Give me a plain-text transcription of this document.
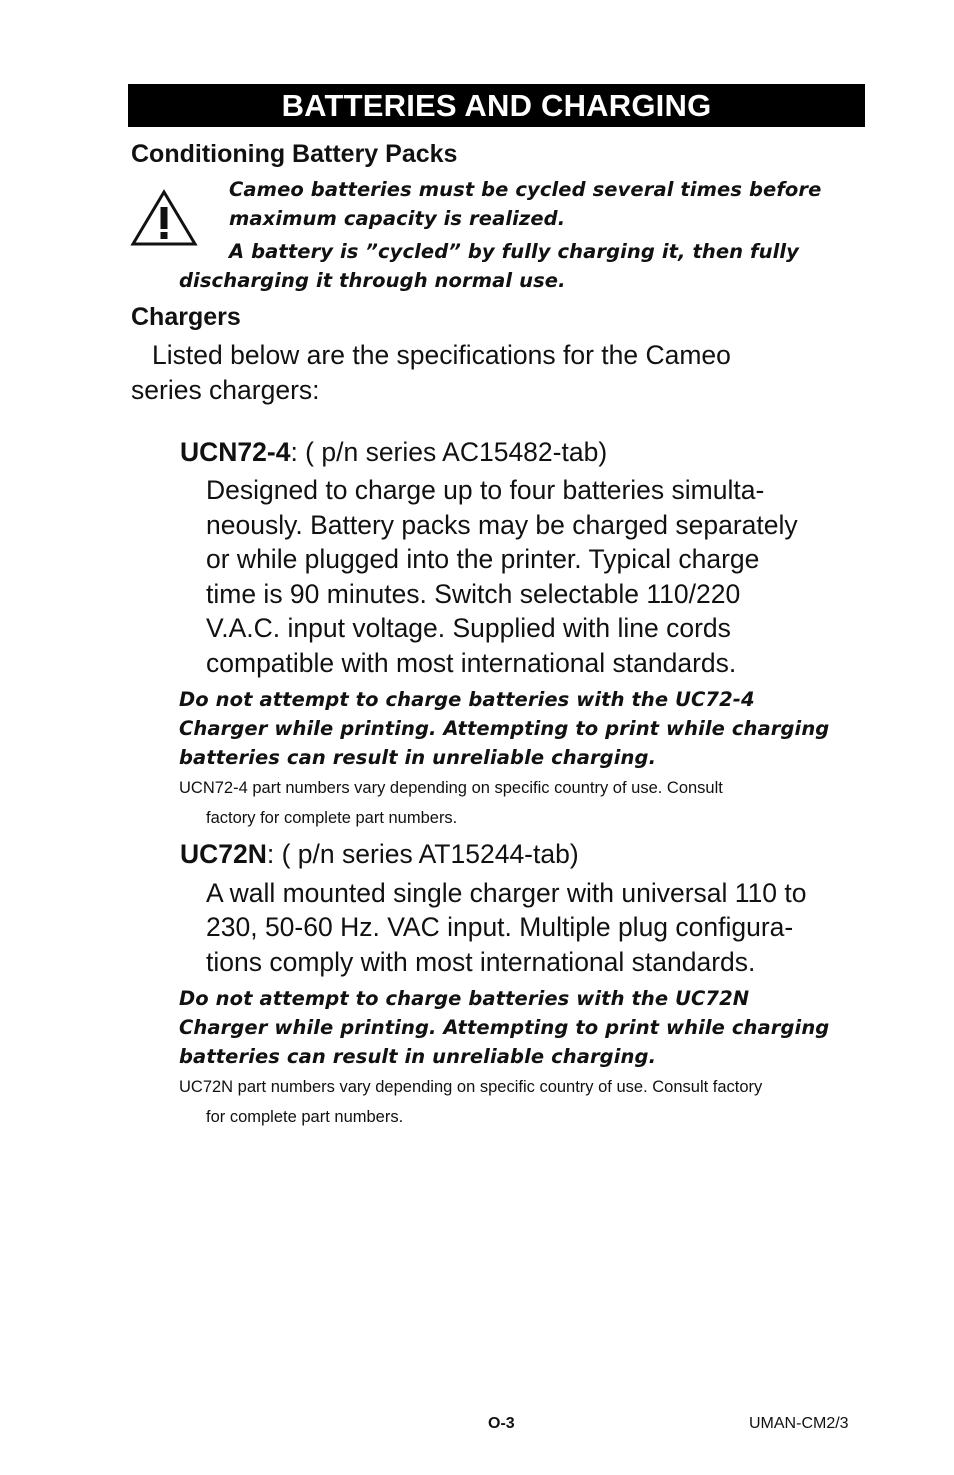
BATTERIES AND CHARGING
Conditioning Battery Packs
Cameo batteries must be cycled several times before
maximum capacity is realized.
A battery is ”cycled” by fully charging it, then fully
discharging it through normal use.
Chargers
Listed below are the specifications for the Cameo
series chargers:
UCN72-4: ( p/n series AC15482-tab)
Designed to charge up to four batteries simulta-
neously. Battery packs may be charged separately
or while plugged into the printer. Typical charge
time is 90 minutes. Switch selectable 110/220
V.A.C. input voltage. Supplied with line cords
compatible with most international standards.
Do not attempt to charge batteries with the UC72-4
Charger while printing. Attempting to print while charging
batteries can result in unreliable charging.
UCN72-4 part numbers vary depending on specific country of use. Consult
factory for complete part numbers.
UC72N: ( p/n series AT15244-tab)
A wall mounted single charger with universal 110 to
230, 50-60 Hz. VAC input. Multiple plug configura-
tions comply with most international standards.
Do not attempt to charge batteries with the UC72N
Charger while printing. Attempting to print while charging
batteries can result in unreliable charging.
UC72N part numbers vary depending on specific country of use. Consult factory
for complete part numbers.
O-3	UMAN-CM2/3
